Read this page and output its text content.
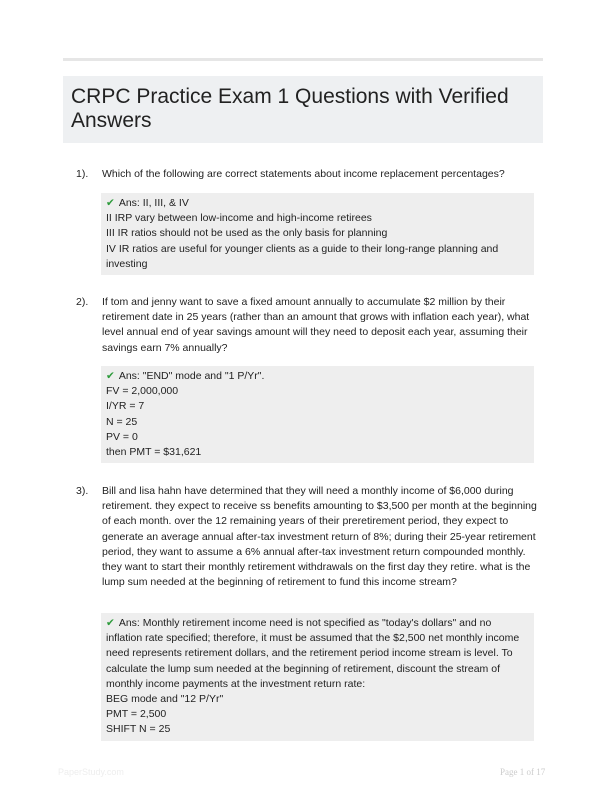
CRPC Practice Exam 1 Questions with Verified Answers
1). Which of the following are correct statements about income replacement percentages?
✔ Ans: II, III, & IV
II IRP vary between low-income and high-income retirees
III IR ratios should not be used as the only basis for planning
IV IR ratios are useful for younger clients as a guide to their long-range planning and investing
2). If tom and jenny want to save a fixed amount annually to accumulate $2 million by their retirement date in 25 years (rather than an amount that grows with inflation each year), what level annual end of year savings amount will they need to deposit each year, assuming their savings earn 7% annually?
✔ Ans: "END" mode and "1 P/Yr".
FV = 2,000,000
I/YR = 7
N = 25
PV = 0
then PMT = $31,621
3). Bill and lisa hahn have determined that they will need a monthly income of $6,000 during retirement. they expect to receive ss benefits amounting to $3,500 per month at the beginning of each month. over the 12 remaining years of their preretirement period, they expect to generate an average annual after-tax investment return of 8%; during their 25-year retirement period, they want to assume a 6% annual after-tax investment return compounded monthly. they want to start their monthly retirement withdrawals on the first day they retire. what is the lump sum needed at the beginning of retirement to fund this income stream?
✔ Ans: Monthly retirement income need is not specified as "today's dollars" and no inflation rate specified; therefore, it must be assumed that the $2,500 net monthly income need represents retirement dollars, and the retirement period income stream is level. To calculate the lump sum needed at the beginning of retirement, discount the stream of monthly income payments at the investment return rate:
BEG mode and "12 P/Yr"
PMT = 2,500
SHIFT N = 25
PaperStudy.com	Page 1 of 17
